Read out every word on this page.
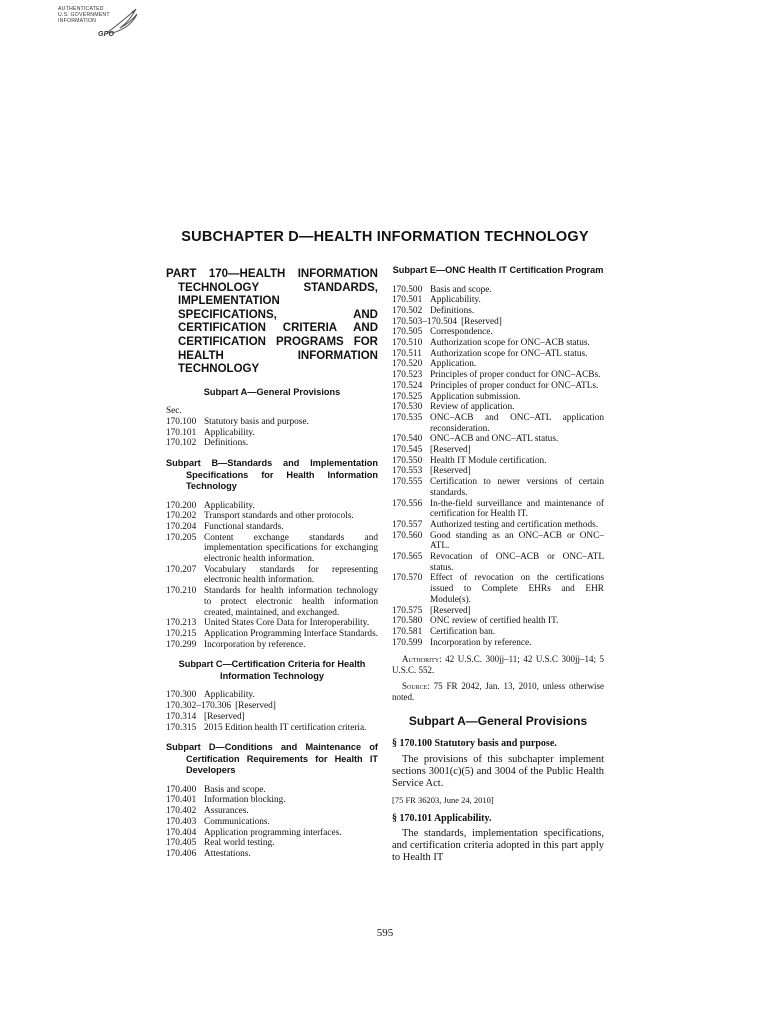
AUTHENTICATED
U.S. GOVERNMENT
INFORMATION
GPO
SUBCHAPTER D—HEALTH INFORMATION TECHNOLOGY
PART 170—HEALTH INFORMATION TECHNOLOGY STANDARDS, IMPLEMENTATION SPECIFICATIONS, AND CERTIFICATION CRITERIA AND CERTIFICATION PROGRAMS FOR HEALTH INFORMATION TECHNOLOGY
Subpart A—General Provisions
Sec.
170.100 Statutory basis and purpose.
170.101 Applicability.
170.102 Definitions.
Subpart B—Standards and Implementation Specifications for Health Information Technology
170.200 Applicability.
170.202 Transport standards and other protocols.
170.204 Functional standards.
170.205 Content exchange standards and implementation specifications for exchanging electronic health information.
170.207 Vocabulary standards for representing electronic health information.
170.210 Standards for health information technology to protect electronic health information created, maintained, and exchanged.
170.213 United States Core Data for Interoperability.
170.215 Application Programming Interface Standards.
170.299 Incorporation by reference.
Subpart C—Certification Criteria for Health Information Technology
170.300 Applicability.
170.302–170.306 [Reserved]
170.314 [Reserved]
170.315 2015 Edition health IT certification criteria.
Subpart D—Conditions and Maintenance of Certification Requirements for Health IT Developers
170.400 Basis and scope.
170.401 Information blocking.
170.402 Assurances.
170.403 Communications.
170.404 Application programming interfaces.
170.405 Real world testing.
170.406 Attestations.
Subpart E—ONC Health IT Certification Program
170.500 Basis and scope.
170.501 Applicability.
170.502 Definitions.
170.503–170.504 [Reserved]
170.505 Correspondence.
170.510 Authorization scope for ONC–ACB status.
170.511 Authorization scope for ONC–ATL status.
170.520 Application.
170.523 Principles of proper conduct for ONC–ACBs.
170.524 Principles of proper conduct for ONC–ATLs.
170.525 Application submission.
170.530 Review of application.
170.535 ONC–ACB and ONC–ATL application reconsideration.
170.540 ONC–ACB and ONC–ATL status.
170.545 [Reserved]
170.550 Health IT Module certification.
170.553 [Reserved]
170.555 Certification to newer versions of certain standards.
170.556 In-the-field surveillance and maintenance of certification for Health IT.
170.557 Authorized testing and certification methods.
170.560 Good standing as an ONC–ACB or ONC–ATL.
170.565 Revocation of ONC–ACB or ONC–ATL status.
170.570 Effect of revocation on the certifications issued to Complete EHRs and EHR Module(s).
170.575 [Reserved]
170.580 ONC review of certified health IT.
170.581 Certification ban.
170.599 Incorporation by reference.

Authority: 42 U.S.C. 300jj–11; 42 U.S.C 300jj–14; 5 U.S.C. 552.

Source: 75 FR 2042, Jan. 13, 2010, unless otherwise noted.

Subpart A—General Provisions
§ 170.100 Statutory basis and purpose.

The provisions of this subchapter implement sections 3001(c)(5) and 3004 of the Public Health Service Act.

[75 FR 36203, June 24, 2010]
§ 170.101 Applicability.

The standards, implementation specifications, and certification criteria adopted in this part apply to Health IT

595
